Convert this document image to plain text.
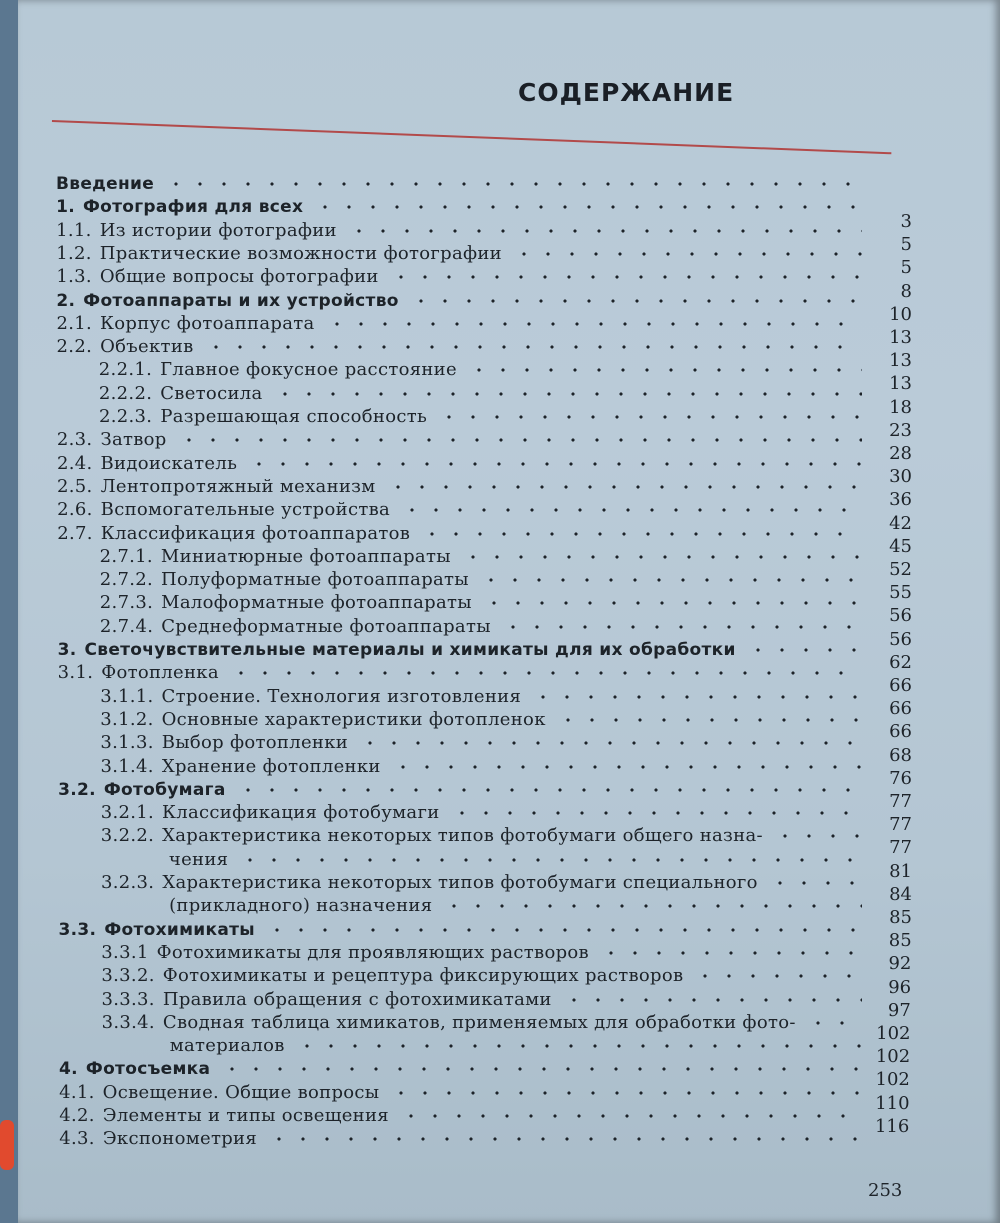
СОДЕРЖАНИЕ
Введение
1. Фотография для всех
1.1. Из истории фотографии
1.2. Практические возможности фотографии
1.3. Общие вопросы фотографии
2. Фотоаппараты и их устройство
2.1. Корпус фотоаппарата
2.2. Объектив
2.2.1. Главное фокусное расстояние
2.2.2. Светосила
2.2.3. Разрешающая способность
2.3. Затвор
2.4. Видоискатель
2.5. Лентопротяжный механизм
2.6. Вспомогательные устройства
2.7. Классификация фотоаппаратов
2.7.1. Миниатюрные фотоаппараты
2.7.2. Полуформатные фотоаппараты
2.7.3. Малоформатные фотоаппараты
2.7.4. Среднеформатные фотоаппараты
3. Светочувствительные материалы и химикаты для их обработки
3.1. Фотопленка
3.1.1. Строение. Технология изготовления
3.1.2. Основные характеристики фотопленок
3.1.3. Выбор фотопленки
3.1.4. Хранение фотопленки
3.2. Фотобумага
3.2.1. Классификация фотобумаги
3.2.2. Характеристика некоторых типов фотобумаги общего назна-
чения
3.2.3. Характеристика некоторых типов фотобумаги специального
(прикладного) назначения
3.3. Фотохимикаты
3.3.1 Фотохимикаты для проявляющих растворов
3.3.2. Фотохимикаты и рецептура фиксирующих растворов
3.3.3. Правила обращения с фотохимикатами
3.3.4. Сводная таблица химикатов, применяемых для обработки фото-
материалов
4. Фотосъемка
4.1. Освещение. Общие вопросы
4.2. Элементы и типы освещения
4.3. Экспонометрия
3
5
5
8
10
13
13
13
18
23
28
30
36
42
45
52
55
56
56
62
66
66
66
68
76
77
77
77
81
84
85
85
92
96
97
102
102
102
110
116
253
